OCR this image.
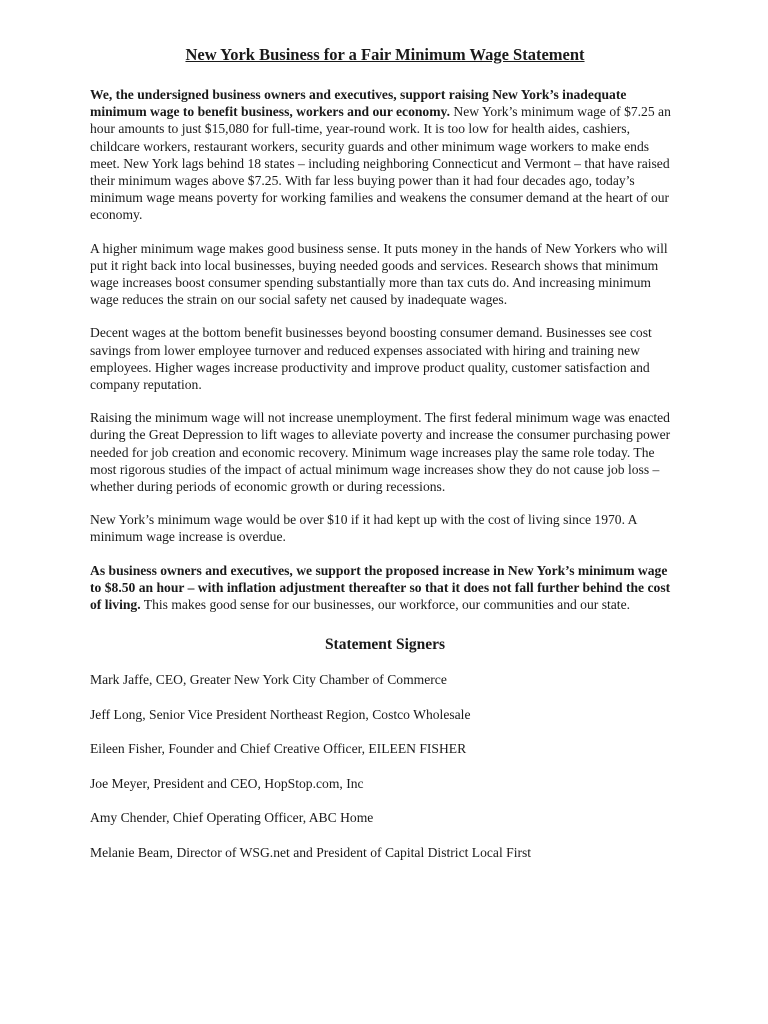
New York Business for a Fair Minimum Wage Statement

We, the undersigned business owners and executives, support raising New York’s inadequate minimum wage to benefit business, workers and our economy. New York’s minimum wage of $7.25 an hour amounts to just $15,080 for full-time, year-round work. It is too low for health aides, cashiers, childcare workers, restaurant workers, security guards and other minimum wage workers to make ends meet. New York lags behind 18 states – including neighboring Connecticut and Vermont – that have raised their minimum wages above $7.25. With far less buying power than it had four decades ago, today’s minimum wage means poverty for working families and weakens the consumer demand at the heart of our economy.

A higher minimum wage makes good business sense. It puts money in the hands of New Yorkers who will put it right back into local businesses, buying needed goods and services. Research shows that minimum wage increases boost consumer spending substantially more than tax cuts do. And increasing minimum wage reduces the strain on our social safety net caused by inadequate wages.

Decent wages at the bottom benefit businesses beyond boosting consumer demand. Businesses see cost savings from lower employee turnover and reduced expenses associated with hiring and training new employees. Higher wages increase productivity and improve product quality, customer satisfaction and company reputation.

Raising the minimum wage will not increase unemployment. The first federal minimum wage was enacted during the Great Depression to lift wages to alleviate poverty and increase the consumer purchasing power needed for job creation and economic recovery. Minimum wage increases play the same role today. The most rigorous studies of the impact of actual minimum wage increases show they do not cause job loss – whether during periods of economic growth or during recessions.

New York’s minimum wage would be over $10 if it had kept up with the cost of living since 1970. A minimum wage increase is overdue.

As business owners and executives, we support the proposed increase in New York’s minimum wage to $8.50 an hour – with inflation adjustment thereafter so that it does not fall further behind the cost of living. This makes good sense for our businesses, our workforce, our communities and our state.

Statement Signers
Mark Jaffe, CEO, Greater New York City Chamber of Commerce
Jeff Long, Senior Vice President Northeast Region, Costco Wholesale
Eileen Fisher, Founder and Chief Creative Officer, EILEEN FISHER
Joe Meyer, President and CEO, HopStop.com, Inc
Amy Chender, Chief Operating Officer, ABC Home
Melanie Beam, Director of WSG.net and President of Capital District Local First
